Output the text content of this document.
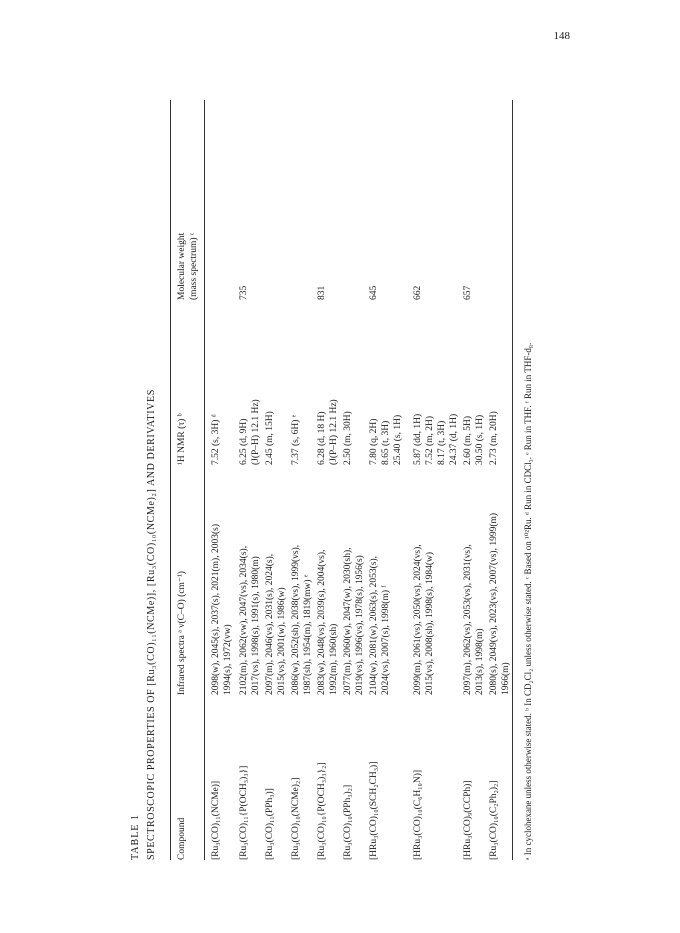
148
TABLE 1 SPECTROSCOPIC PROPERTIES OF [Ru₃(CO)₁₁(NCMe)], [Ru₃(CO)₁₀(NCMe)₂] AND DERIVATIVES Compound
Infrared spectra ᵃ ν(C–O) (cm⁻¹)
¹H NMR (τ) ᵇ
Molecular weight
(mass spectrum) ᶜ
[Ru₃(CO)₁₁(NCMe)]
2098(w), 2045(s), 2037(s), 2021(m), 2003(s)
1994(s), 1972(vw)
7.52 (s, 3H) ᵈ
[Ru₃(CO)₁₁{P(OCH₃)₃}]
2102(m), 2062(vw), 2047(vs), 2034(s),
2017(vs), 1998(s), 1991(s), 1980(m)
6.25 (d, 9H)
(J(P–H) 12.1 Hz)
735
[Ru₃(CO)₁₁(PPh₃)]
2097(m), 2046(vs), 2031(s), 2024(s),
2015(vs), 2001(w), 1986(w)
2.45 (m, 15H)
[Ru₃(CO)₁₀(NCMe)₂]
2086(w), 2052(sh), 2038(vs), 1999(vs),
1987(sh), 1954(m), 1819(mw) ᵉ
7.37 (s, 6H) ᵉ
[Ru₃(CO)₁₀{P(OCH₃)₃}₂]
2083(w), 2048(vs), 2039(s), 2004(vs),
1992(m), 1960(sh)
6.28 (d, 18 H)
(J(P–H) 12.1 Hz)
831
[Ru₃(CO)₁₀(PPh₃)₂]
2077(m), 2060(w), 2047(w), 2030(sh),
2019(vs), 1996(vs), 1978(s), 1956(s)
2.50 (m, 30H)
[HRu₃(CO)₁₀(SCH₂CH₃)]
2104(w), 2081(w), 2063(s), 2053(s),
2024(vs), 2007(s), 1998(m) ᶠ
7.80 (q, 2H)
8.65 (t, 3H)
25.40 (s, 1H)
645
[HRu₃(CO)₁₀(C₆H₁₀N)]
2099(m), 2061(vs), 2050(vs), 2024(vs),
2015(vs), 2008(sh), 1998(s), 1984(w)
5.87 (dd, 1H)
7.52 (m, 2H)
8.17 (t, 3H)
24.37 (d, 1H)
662
[HRu₃(CO)₉(CCPh)]
2097(m), 2062(vs), 2053(vs), 2031(vs),
2013(s), 1998(m)
2.60 (m, 5H)
30.50 (s, 1H)
657
[Ru₃(CO)₁₀(C₂Ph₂)₂]
2080(s), 2049(vs), 2023(vs), 2007(vs), 1999(m)
1966(m)
2.73 (m, 20H)	ᵃ In cyclohexane unless otherwise stated. ᵇ In CD₂Cl₂ unless otherwise stated. ᶜ Based on ¹⁰²Ru. ᵈ Run in CDCl₃. ᵉ Run in THF. ᶠ Run in THF-d₈.
